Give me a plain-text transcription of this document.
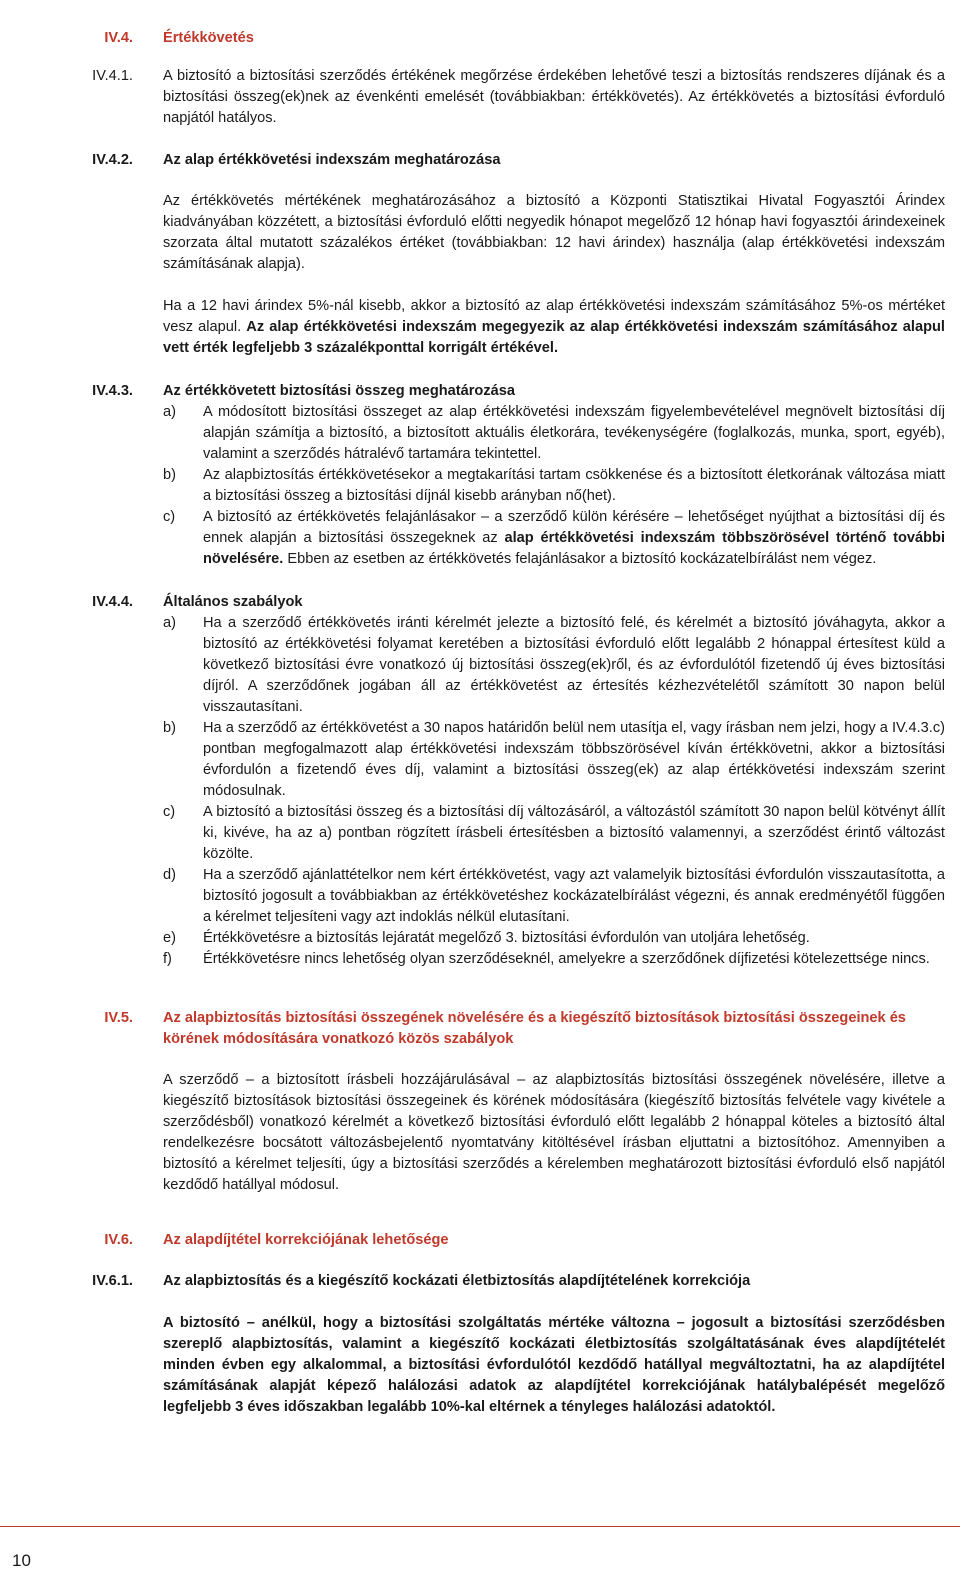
IV.4. Értékkövetés
IV.4.1. A biztosító a biztosítási szerződés értékének megőrzése érdekében lehetővé teszi a biztosítás rendszeres díjának és a biztosítási összeg(ek)nek az évenkénti emelését (továbbiakban: értékkövetés). Az értékkövetés a biztosítási évforduló napjától hatályos.

IV.4.2. Az alap értékkövetési indexszám meghatározása

Az értékkövetés mértékének meghatározásához a biztosító a Központi Statisztikai Hivatal Fogyasztói Árindex kiadványában közzétett, a biztosítási évforduló előtti negyedik hónapot megelőző 12 hónap havi fogyasztói árindexeinek szorzata által mutatott százalékos értéket (továbbiakban: 12 havi árindex) használja (alap értékkövetési indexszám számításának alapja).

Ha a 12 havi árindex 5%-nál kisebb, akkor a biztosító az alap értékkövetési indexszám számításához 5%-os mértéket vesz alapul. Az alap értékkövetési indexszám megegyezik az alap értékkövetési indexszám számításához alapul vett érték legfeljebb 3 százalékponttal korrigált értékével.

IV.4.3. Az értékkövetett biztosítási összeg meghatározása

a) A módosított biztosítási összeget az alap értékkövetési indexszám figyelembevételével megnövelt biztosítási díj alapján számítja a biztosító, a biztosított aktuális életkorára, tevékenységére (foglalkozás, munka, sport, egyéb), valamint a szerződés hátralévő tartamára tekintettel.
b) Az alapbiztosítás értékkövetésekor a megtakarítási tartam csökkenése és a biztosított életkorának változása miatt a biztosítási összeg a biztosítási díjnál kisebb arányban nő(het).
c) A biztosító az értékkövetés felajánlásakor – a szerződő külön kérésére – lehetőséget nyújthat a biztosítási díj és ennek alapján a biztosítási összegeknek az alap értékkövetési indexszám többszörösével történő további növelésére. Ebben az esetben az értékkövetés felajánlásakor a biztosító kockázatelbírálást nem végez.
IV.4.4. Általános szabályok

a) Ha a szerződő értékkövetés iránti kérelmét jelezte a biztosító felé, és kérelmét a biztosító jóváhagyta, akkor a biztosító az értékkövetési folyamat keretében a biztosítási évforduló előtt legalább 2 hónappal értesítest küld a következő biztosítási évre vonatkozó új biztosítási összeg(ek)ről, és az évfordulótól fizetendő új éves biztosítási díjról. A szerződőnek jogában áll az értékkövetést az értesítés kézhezvételétől számított 30 napon belül visszautasítani.
b) Ha a szerződő az értékkövetést a 30 napos határidőn belül nem utasítja el, vagy írásban nem jelzi, hogy a IV.4.3.c) pontban megfogalmazott alap értékkövetési indexszám többszörösével kíván értékkövetni, akkor a biztosítási évfordulón a fizetendő éves díj, valamint a biztosítási összeg(ek) az alap értékkövetési indexszám szerint módosulnak.
c) A biztosító a biztosítási összeg és a biztosítási díj változásáról, a változástól számított 30 napon belül kötvényt állít ki, kivéve, ha az a) pontban rögzített írásbeli értesítésben a biztosító valamennyi, a szerződést érintő változást közölte.
d) Ha a szerződő ajánlattételkor nem kért értékkövetést, vagy azt valamelyik biztosítási évfordulón visszautasította, a biztosító jogosult a továbbiakban az értékkövetéshez kockázatelbírálást végezni, és annak eredményétől függően a kérelmet teljesíteni vagy azt indoklás nélkül elutasítani.
e) Értékkövetésre a biztosítás lejáratát megelőző 3. biztosítási évfordulón van utoljára lehetőség.
f) Értékkövetésre nincs lehetőség olyan szerződéseknél, amelyekre a szerződőnek díjfizetési kötelezettsége nincs.
IV.5. Az alapbiztosítás biztosítási összegének növelésére és a kiegészítő biztosítások biztosítási összegeinek és körének módosítására vonatkozó közös szabályok

A szerződő – a biztosított írásbeli hozzájárulásával – az alapbiztosítás biztosítási összegének növelésére, illetve a kiegészítő biztosítások biztosítási összegeinek és körének módosítására (kiegészítő biztosítás felvétele vagy kivétele a szerződésből) vonatkozó kérelmét a következő biztosítási évforduló előtt legalább 2 hónappal köteles a biztosító által rendelkezésre bocsátott változásbejelentő nyomtatvány kitöltésével írásban eljuttatni a biztosítóhoz. Amennyiben a biztosító a kérelmet teljesíti, úgy a biztosítási szerződés a kérelemben meghatározott biztosítási évforduló első napjától kezdődő hatállyal módosul.

IV.6. Az alapdíjtétel korrekciójának lehetősége
IV.6.1. Az alapbiztosítás és a kiegészítő kockázati életbiztosítás alapdíjtételének korrekciója

A biztosító – anélkül, hogy a biztosítási szolgáltatás mértéke változna – jogosult a biztosítási szerződésben szereplő alapbiztosítás, valamint a kiegészítő kockázati életbiztosítás szolgáltatásának éves alapdíjtételét minden évben egy alkalommal, a biztosítási évfordulótól kezdődő hatállyal megváltoztatni, ha az alapdíjtétel számításának alapját képező halálozási adatok az alapdíjtétel korrekciójának hatálybalépését megelőző legfeljebb 3 éves időszakban legalább 10%-kal eltérnek a tényleges halálozási adatoktól.

10
